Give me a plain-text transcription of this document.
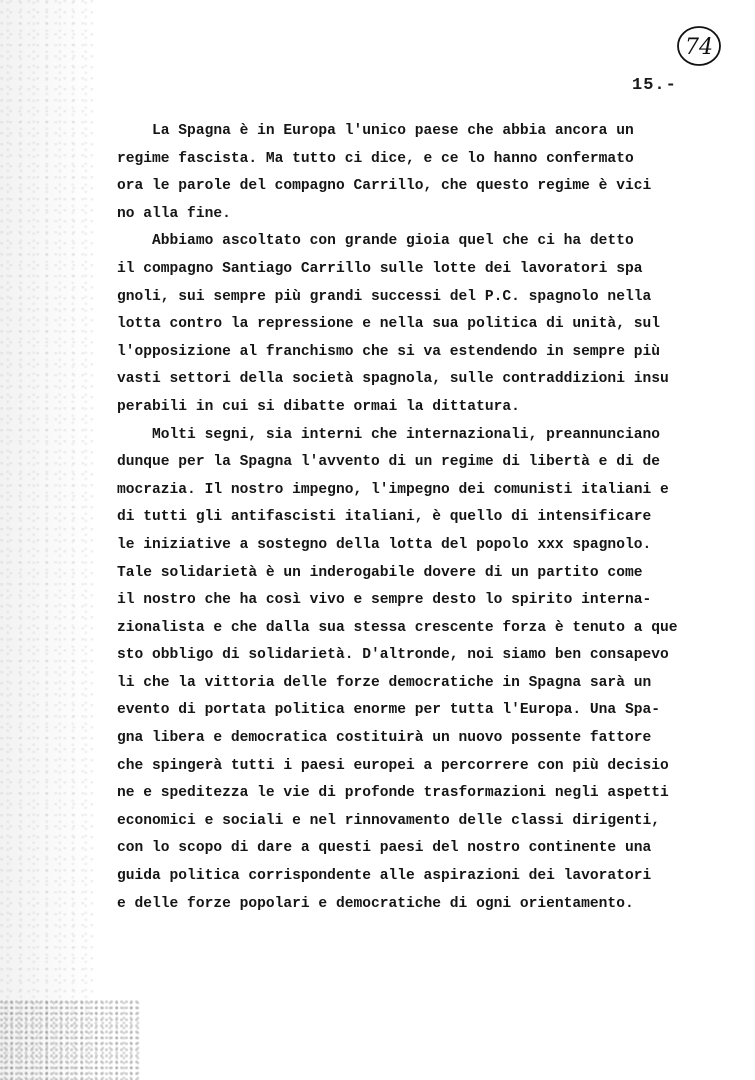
74
15.-
La Spagna è in Europa l'unico paese che abbia ancora un
regime fascista. Ma tutto ci dice, e ce lo hanno confermato
ora le parole del compagno Carrillo, che questo regime è vici
no alla fine.
Abbiamo ascoltato con grande gioia quel che ci ha detto
il compagno Santiago Carrillo sulle lotte dei lavoratori spa
gnoli, sui sempre più grandi successi del P.C. spagnolo nella
lotta contro la repressione e nella sua politica di unità, sul
l'opposizione al franchismo che si va estendendo in sempre più
vasti settori della società spagnola, sulle contraddizioni insu
perabili in cui si dibatte ormai la dittatura.
Molti segni, sia interni che internazionali, preannunciano
dunque per la Spagna l'avvento di un regime di libertà e di de
mocrazia. Il nostro impegno, l'impegno dei comunisti italiani e
di tutti gli antifascisti italiani, è quello di intensificare
le iniziative a sostegno della lotta del popolo xxx spagnolo.
Tale solidarietà è un inderogabile dovere di un partito come
il nostro che ha così vivo e sempre desto lo spirito interna-
zionalista e che dalla sua stessa crescente forza è tenuto a que
sto obbligo di solidarietà. D'altronde, noi siamo ben consapevo
li che la vittoria delle forze democratiche in Spagna sarà un
evento di portata politica enorme per tutta l'Europa. Una Spa-
gna libera e democratica costituirà un nuovo possente fattore
che spingerà tutti i paesi europei a percorrere con più decisio
ne e speditezza le vie di profonde trasformazioni negli aspetti
economici e sociali e nel rinnovamento delle classi dirigenti,
con lo scopo di dare a questi paesi del nostro continente una
guida politica corrispondente alle aspirazioni dei lavoratori
e delle forze popolari e democratiche di ogni orientamento.
